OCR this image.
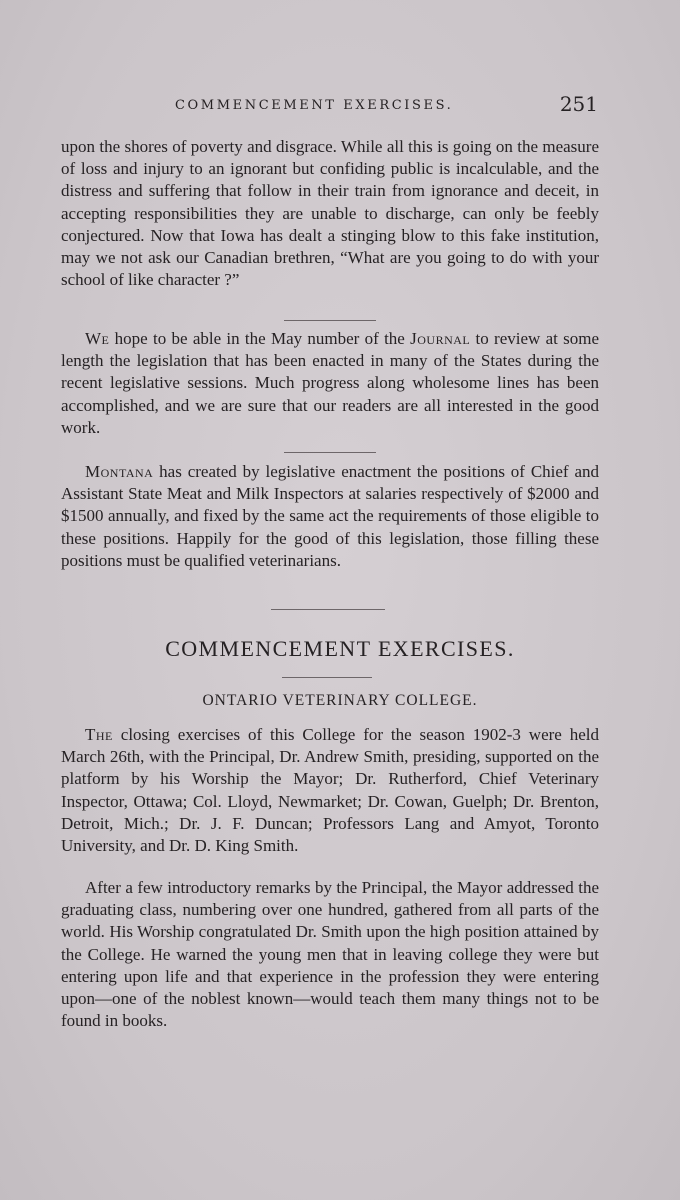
COMMENCEMENT EXERCISES.	251

upon the shores of poverty and disgrace. While all this is going on the measure of loss and injury to an ignorant but confiding public is incalculable, and the distress and suffering that follow in their train from ignorance and deceit, in accepting responsibilities they are unable to discharge, can only be feebly conjectured. Now that Iowa has dealt a stinging blow to this fake institution, may we not ask our Canadian brethren, “What are you going to do with your school of like character ?”

We hope to be able in the May number of the Journal to review at some length the legislation that has been enacted in many of the States during the recent legislative sessions. Much progress along wholesome lines has been accomplished, and we are sure that our readers are all interested in the good work.

Montana has created by legislative enactment the positions of Chief and Assistant State Meat and Milk Inspectors at salaries respectively of $2000 and $1500 annually, and fixed by the same act the requirements of those eligible to these positions. Happily for the good of this legislation, those filling these positions must be qualified veterinarians.

COMMENCEMENT EXERCISES.
ONTARIO VETERINARY COLLEGE.

The closing exercises of this College for the season 1902-3 were held March 26th, with the Principal, Dr. Andrew Smith, presiding, supported on the platform by his Worship the Mayor; Dr. Rutherford, Chief Veterinary Inspector, Ottawa; Col. Lloyd, Newmarket; Dr. Cowan, Guelph; Dr. Brenton, Detroit, Mich.; Dr. J. F. Duncan; Professors Lang and Amyot, Toronto University, and Dr. D. King Smith.

After a few introductory remarks by the Principal, the Mayor addressed the graduating class, numbering over one hundred, gathered from all parts of the world. His Worship congratulated Dr. Smith upon the high position attained by the College. He warned the young men that in leaving college they were but entering upon life and that experience in the profession they were entering upon—one of the noblest known—would teach them many things not to be found in books.
